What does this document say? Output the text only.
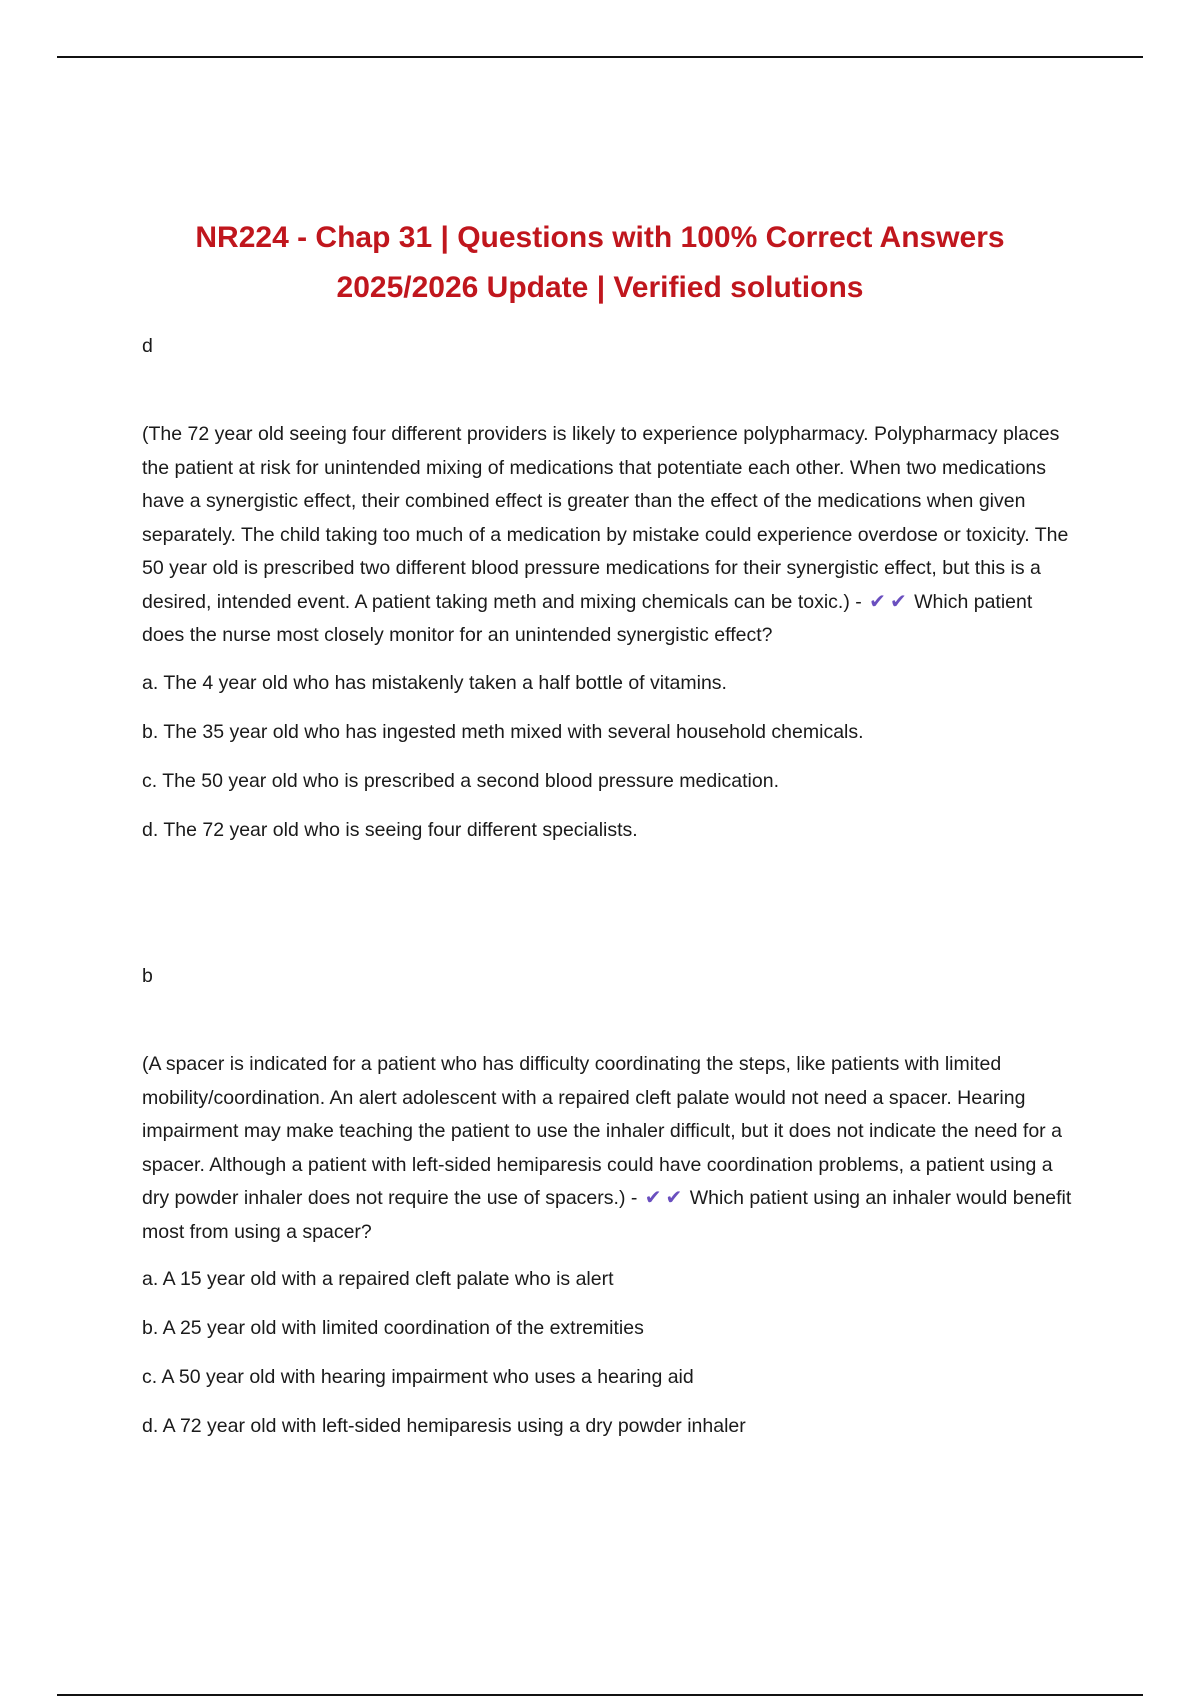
NR224 - Chap 31 | Questions with 100% Correct Answers
2025/2026 Update | Verified solutions

d

(The 72 year old seeing four different providers is likely to experience polypharmacy. Polypharmacy places the patient at risk for unintended mixing of medications that potentiate each other. When two medications have a synergistic effect, their combined effect is greater than the effect of the medications when given separately. The child taking too much of a medication by mistake could experience overdose or toxicity. The 50 year old is prescribed two different blood pressure medications for their synergistic effect, but this is a desired, intended event. A patient taking meth and mixing chemicals can be toxic.) - ✔ ✔ Which patient does the nurse most closely monitor for an unintended synergistic effect?

a. The 4 year old who has mistakenly taken a half bottle of vitamins.
b. The 35 year old who has ingested meth mixed with several household chemicals.
c. The 50 year old who is prescribed a second blood pressure medication.
d. The 72 year old who is seeing four different specialists.

b

(A spacer is indicated for a patient who has difficulty coordinating the steps, like patients with limited mobility/coordination. An alert adolescent with a repaired cleft palate would not need a spacer. Hearing impairment may make teaching the patient to use the inhaler difficult, but it does not indicate the need for a spacer. Although a patient with left-sided hemiparesis could have coordination problems, a patient using a dry powder inhaler does not require the use of spacers.) - ✔ ✔ Which patient using an inhaler would benefit most from using a spacer?

a. A 15 year old with a repaired cleft palate who is alert
b. A 25 year old with limited coordination of the extremities
c. A 50 year old with hearing impairment who uses a hearing aid
d. A 72 year old with left-sided hemiparesis using a dry powder inhaler
